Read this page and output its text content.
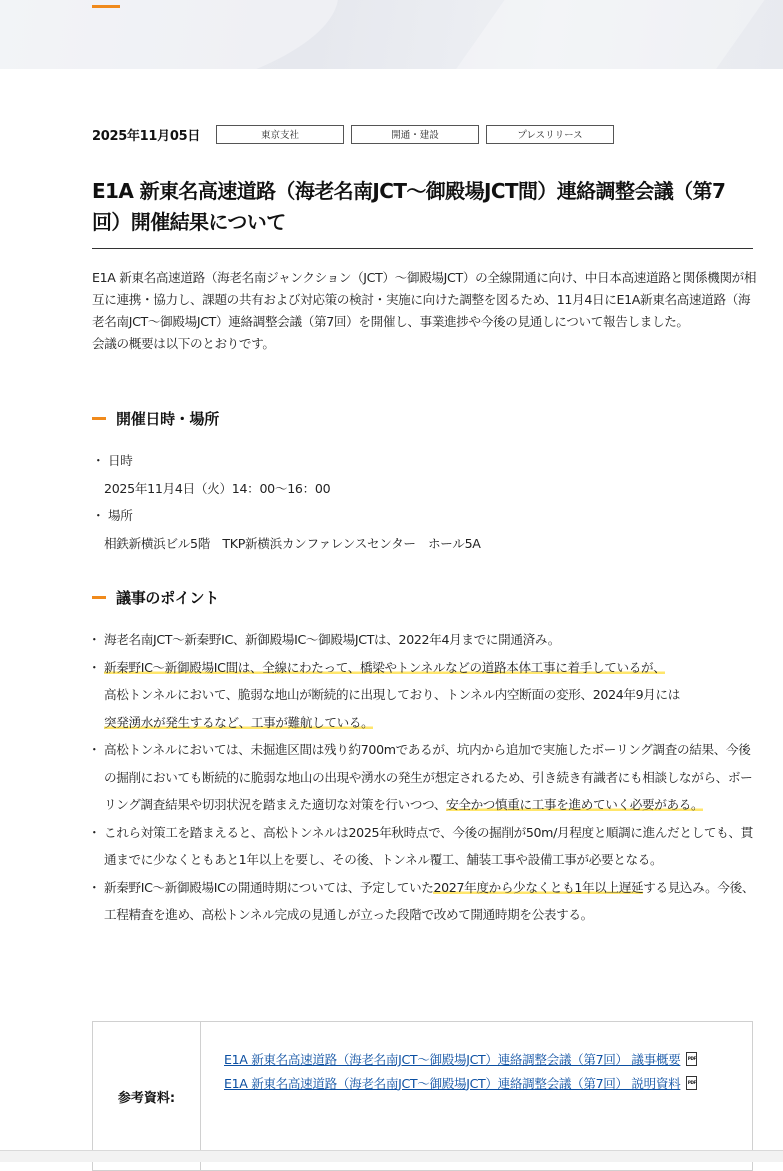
2025年11月05日	東京支社	開通・建設	プレスリリース
E1A 新東名高速道路（海老名南JCT〜御殿場JCT間）連絡調整会議（第7回）開催結果について

E1A 新東名高速道路（海老名南ジャンクション（JCT）〜御殿場JCT）の全線開通に向け、中日本高速道路と関係機関が相互に連携・協力し、課題の共有および対応策の検討・実施に向けた調整を図るため、11月4日にE1A新東名高速道路（海老名南JCT〜御殿場JCT）連絡調整会議（第7回）を開催し、事業進捗や今後の見通しについて報告しました。

会議の概要は以下のとおりです。

開催日時・場所
・ 日時
2025年11月4日（火）14：00〜16：00
・ 場所
相鉄新横浜ビル5階　TKP新横浜カンファレンスセンター　ホール5A
議事のポイント
・ 海老名南JCT〜新秦野IC、新御殿場IC〜御殿場JCTは、2022年4月までに開通済み。
・ 新秦野IC〜新御殿場IC間は、全線にわたって、橋梁やトンネルなどの道路本体工事に着手しているが、
高松トンネルにおいて、脆弱な地山が断続的に出現しており、トンネル内空断面の変形、2024年9月には
突発湧水が発生するなど、工事が難航している。
・ 高松トンネルにおいては、未掘進区間は残り約700mであるが、坑内から追加で実施したボーリング調査の結果、今後の掘削においても断続的に脆弱な地山の出現や湧水の発生が想定されるため、引き続き有識者にも相談しながら、ボーリング調査結果や切羽状況を踏まえた適切な対策を行いつつ、安全かつ慎重に工事を進めていく必要がある。
・ これら対策工を踏まえると、高松トンネルは2025年秋時点で、今後の掘削が50m/月程度と順調に進んだとしても、貫通までに少なくともあと1年以上を要し、その後、トンネル覆工、舗装工事や設備工事が必要となる。
・ 新秦野IC〜新御殿場ICの開通時期については、予定していた2027年度から少なくとも1年以上遅延する見込み。今後、工程精査を進め、高松トンネル完成の見通しが立った段階で改めて開通時期を公表する。
参考資料:
E1A 新東名高速道路（海老名南JCT〜御殿場JCT）連絡調整会議（第7回） 議事概要PDF
E1A 新東名高速道路（海老名南JCT〜御殿場JCT）連絡調整会議（第7回） 説明資料PDF
